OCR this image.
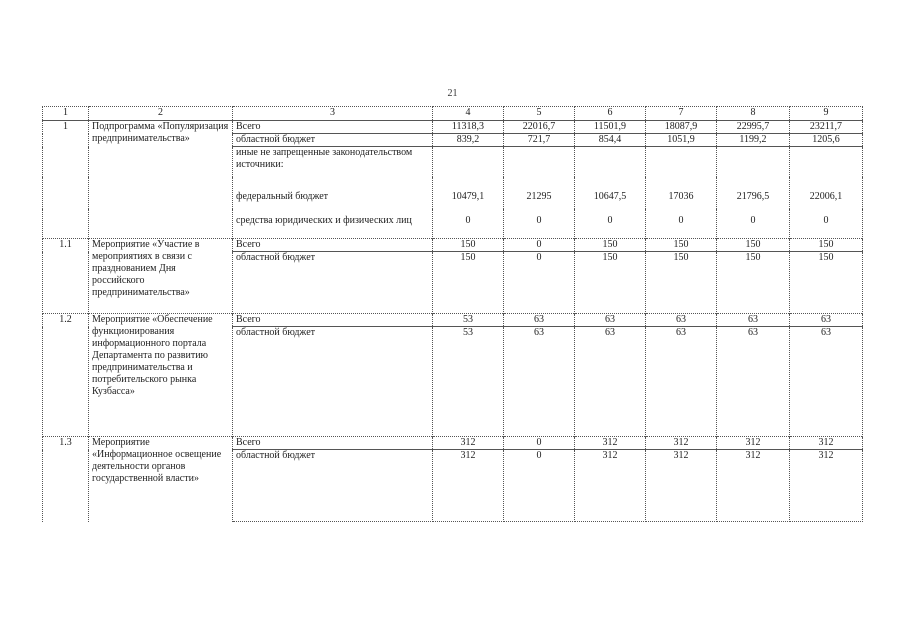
21
1	2	3	4	5	6	7	8	9
1	Подпрограмма «Популяризация предпринимательства»	Всего	11318,3	22016,7	11501,9	18087,9	22995,7	23211,7
		областной бюджет	839,2	721,7	854,4	1051,9	1199,2	1205,6
		иные не запрещенные законодательством источники:						
		федеральный бюджет	10479,1	21295	10647,5	17036	21796,5	22006,1
		средства юридических и физических лиц	0	0	0	0	0	0
1.1	Мероприятие «Участие в мероприятиях в связи с празднованием Дня российского предпринимательства»	Всего	150	0	150	150	150	150
		областной бюджет	150	0	150	150	150	150
1.2	Мероприятие «Обеспечение функционирования информационного портала Департамента по развитию предпринимательства и потребительского рынка Кузбасса»	Всего	53	63	63	63	63	63
		областной бюджет	53	63	63	63	63	63
1.3	Мероприятие «Информационное освещение деятельности органов государственной власти»	Всего	312	0	312	312	312	312
		областной бюджет	312	0	312	312	312	312
